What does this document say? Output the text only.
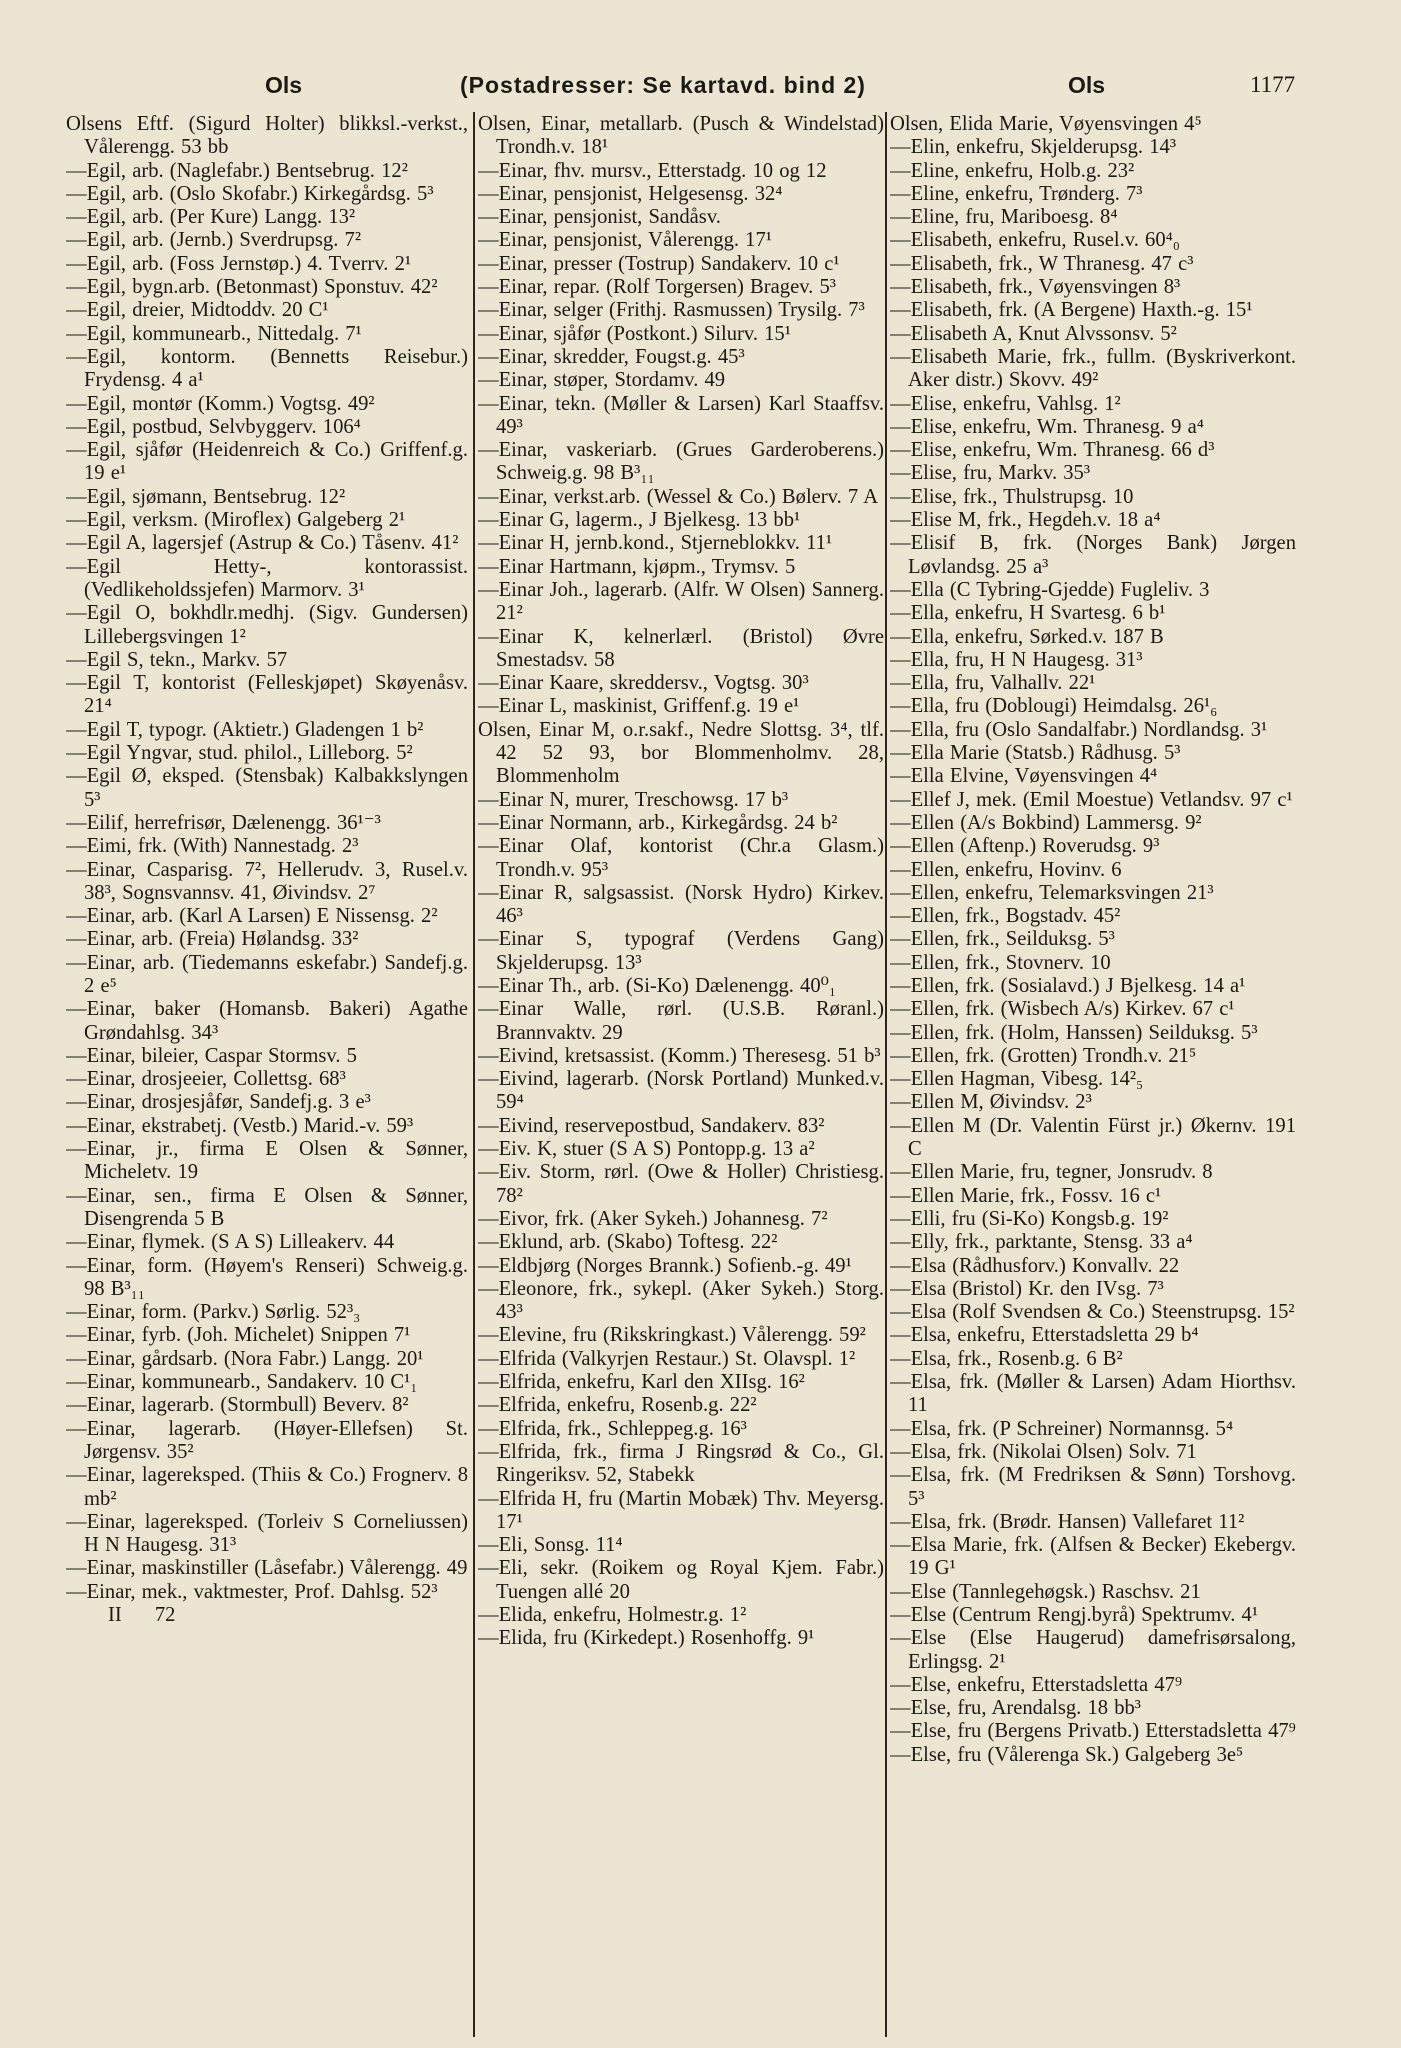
Ols	(Postadresser: Se kartavd. bind 2)	Ols	1177

Olsens Eftf. (Sigurd Holter) blikksl.-verkst., Vålerengg. 53 bb

—Egil, arb. (Naglefabr.) Bentsebrug. 12²

—Egil, arb. (Oslo Skofabr.) Kirkegårdsg. 5³

—Egil, arb. (Per Kure) Langg. 13²

—Egil, arb. (Jernb.) Sverdrupsg. 7²

—Egil, arb. (Foss Jernstøp.) 4. Tverrv. 2¹

—Egil, bygn.arb. (Betonmast) Sponstuv. 42²

—Egil, dreier, Midtoddv. 20 C¹

—Egil, kommunearb., Nittedalg. 7¹

—Egil, kontorm. (Bennetts Reisebur.) Frydensg. 4 a¹

—Egil, montør (Komm.) Vogtsg. 49²

—Egil, postbud, Selvbyggerv. 106⁴

—Egil, sjåfør (Heidenreich & Co.) Griffenf.g. 19 e¹

—Egil, sjømann, Bentsebrug. 12²

—Egil, verksm. (Miroflex) Galgeberg 2¹

—Egil A, lagersjef (Astrup & Co.) Tåsenv. 41²

—Egil Hetty-, kontorassist. (Vedlikeholdssjefen) Marmorv. 3¹

—Egil O, bokhdlr.medhj. (Sigv. Gundersen) Lillebergsvingen 1²

—Egil S, tekn., Markv. 57

—Egil T, kontorist (Felleskjøpet) Skøyenåsv. 21⁴

—Egil T, typogr. (Aktietr.) Gladengen 1 b²

—Egil Yngvar, stud. philol., Lilleborg. 5²

—Egil Ø, eksped. (Stensbak) Kalbakkslyngen 5³

—Eilif, herrefrisør, Dælenengg. 36¹⁻³

—Eimi, frk. (With) Nannestadg. 2³

—Einar, Casparisg. 7², Hellerudv. 3, Rusel.v. 38³, Sognsvannsv. 41, Øivindsv. 2⁷

—Einar, arb. (Karl A Larsen) E Nissensg. 2²

—Einar, arb. (Freia) Hølandsg. 33²

—Einar, arb. (Tiedemanns eskefabr.) Sandefj.g. 2 e⁵

—Einar, baker (Homansb. Bakeri) Agathe Grøndahlsg. 34³

—Einar, bileier, Caspar Stormsv. 5

—Einar, drosjeeier, Collettsg. 68³

—Einar, drosjesjåfør, Sandefj.g. 3 e³

—Einar, ekstrabetj. (Vestb.) Marid.-v. 59³

—Einar, jr., firma E Olsen & Sønner, Micheletv. 19

—Einar, sen., firma E Olsen & Sønner, Disengrenda 5 B

—Einar, flymek. (S A S) Lilleakerv. 44

—Einar, form. (Høyem's Renseri) Schweig.g. 98 B³₁₁

—Einar, form. (Parkv.) Sørlig. 52³₃

—Einar, fyrb. (Joh. Michelet) Snippen 7¹

—Einar, gårdsarb. (Nora Fabr.) Langg. 20¹

—Einar, kommunearb., Sandakerv. 10 C¹₁

—Einar, lagerarb. (Stormbull) Beverv. 8²

—Einar, lagerarb. (Høyer-Ellefsen) St. Jørgensv. 35²

—Einar, lagereksped. (Thiis & Co.) Frognerv. 8 mb²

—Einar, lagereksped. (Torleiv S Corneliussen) H N Haugesg. 31³

—Einar, maskinstiller (Låsefabr.) Vålerengg. 49

—Einar, mek., vaktmester, Prof. Dahlsg. 52³

II 72

Olsen, Einar, metallarb. (Pusch & Windelstad) Trondh.v. 18¹

—Einar, fhv. mursv., Etterstadg. 10 og 12

—Einar, pensjonist, Helgesensg. 32⁴

—Einar, pensjonist, Sandåsv.

—Einar, pensjonist, Vålerengg. 17¹

—Einar, presser (Tostrup) Sandakerv. 10 c¹

—Einar, repar. (Rolf Torgersen) Bragev. 5³

—Einar, selger (Frithj. Rasmussen) Trysilg. 7³

—Einar, sjåfør (Postkont.) Silurv. 15¹

—Einar, skredder, Fougst.g. 45³

—Einar, støper, Stordamv. 49

—Einar, tekn. (Møller & Larsen) Karl Staaffsv. 49³

—Einar, vaskeriarb. (Grues Garderoberens.) Schweig.g. 98 B³₁₁

—Einar, verkst.arb. (Wessel & Co.) Bølerv. 7 A

—Einar G, lagerm., J Bjelkesg. 13 bb¹

—Einar H, jernb.kond., Stjerneblokkv. 11¹

—Einar Hartmann, kjøpm., Trymsv. 5

—Einar Joh., lagerarb. (Alfr. W Olsen) Sannerg. 21²

—Einar K, kelnerlærl. (Bristol) Øvre Smestadsv. 58

—Einar Kaare, skreddersv., Vogtsg. 30³

—Einar L, maskinist, Griffenf.g. 19 e¹

Olsen, Einar M, o.r.sakf., Nedre Slottsg. 3⁴, tlf. 42 52 93, bor Blommenholmv. 28, Blommenholm

—Einar N, murer, Treschowsg. 17 b³

—Einar Normann, arb., Kirkegårdsg. 24 b²

—Einar Olaf, kontorist (Chr.a Glasm.) Trondh.v. 95³

—Einar R, salgsassist. (Norsk Hydro) Kirkev. 46³

—Einar S, typograf (Verdens Gang) Skjelderupsg. 13³

—Einar Th., arb. (Si-Ko) Dælenengg. 40⁰₁

—Einar Walle, rørl. (U.S.B. Røranl.) Brannvaktv. 29

—Eivind, kretsassist. (Komm.) Theresesg. 51 b³

—Eivind, lagerarb. (Norsk Portland) Munked.v. 59⁴

—Eivind, reservepostbud, Sandakerv. 83²

—Eiv. K, stuer (S A S) Pontopp.g. 13 a²

—Eiv. Storm, rørl. (Owe & Holler) Christiesg. 78²

—Eivor, frk. (Aker Sykeh.) Johannesg. 7²

—Eklund, arb. (Skabo) Toftesg. 22²

—Eldbjørg (Norges Brannk.) Sofienb.-g. 49¹

—Eleonore, frk., sykepl. (Aker Sykeh.) Storg. 43³

—Elevine, fru (Rikskringkast.) Vålerengg. 59²

—Elfrida (Valkyrjen Restaur.) St. Olavspl. 1²

—Elfrida, enkefru, Karl den XIIsg. 16²

—Elfrida, enkefru, Rosenb.g. 22²

—Elfrida, frk., Schleppeg.g. 16³

—Elfrida, frk., firma J Ringsrød & Co., Gl. Ringeriksv. 52, Stabekk

—Elfrida H, fru (Martin Mobæk) Thv. Meyersg. 17¹

—Eli, Sonsg. 11⁴

—Eli, sekr. (Roikem og Royal Kjem. Fabr.) Tuengen allé 20

—Elida, enkefru, Holmestr.g. 1²

—Elida, fru (Kirkedept.) Rosenhoffg. 9¹

Olsen, Elida Marie, Vøyensvingen 4⁵

—Elin, enkefru, Skjelderupsg. 14³

—Eline, enkefru, Holb.g. 23²

—Eline, enkefru, Trønderg. 7³

—Eline, fru, Mariboesg. 8⁴

—Elisabeth, enkefru, Rusel.v. 60⁴₀

—Elisabeth, frk., W Thranesg. 47 c³

—Elisabeth, frk., Vøyensvingen 8³

—Elisabeth, frk. (A Bergene) Haxth.-g. 15¹

—Elisabeth A, Knut Alvssonsv. 5²

—Elisabeth Marie, frk., fullm. (Byskriverkont. Aker distr.) Skovv. 49²

—Elise, enkefru, Vahlsg. 1²

—Elise, enkefru, Wm. Thranesg. 9 a⁴

—Elise, enkefru, Wm. Thranesg. 66 d³

—Elise, fru, Markv. 35³

—Elise, frk., Thulstrupsg. 10

—Elise M, frk., Hegdeh.v. 18 a⁴

—Elisif B, frk. (Norges Bank) Jørgen Løvlandsg. 25 a³

—Ella (C Tybring-Gjedde) Fugleliv. 3

—Ella, enkefru, H Svartesg. 6 b¹

—Ella, enkefru, Sørked.v. 187 B

—Ella, fru, H N Haugesg. 31³

—Ella, fru, Valhallv. 22¹

—Ella, fru (Doblougi) Heimdalsg. 26¹₆

—Ella, fru (Oslo Sandalfabr.) Nordlandsg. 3¹

—Ella Marie (Statsb.) Rådhusg. 5³

—Ella Elvine, Vøyensvingen 4⁴

—Ellef J, mek. (Emil Moestue) Vetlandsv. 97 c¹

—Ellen (A/s Bokbind) Lammersg. 9²

—Ellen (Aftenp.) Roverudsg. 9³

—Ellen, enkefru, Hovinv. 6

—Ellen, enkefru, Telemarksvingen 21³

—Ellen, frk., Bogstadv. 45²

—Ellen, frk., Seilduksg. 5³

—Ellen, frk., Stovnerv. 10

—Ellen, frk. (Sosialavd.) J Bjelkesg. 14 a¹

—Ellen, frk. (Wisbech A/s) Kirkev. 67 c¹

—Ellen, frk. (Holm, Hanssen) Seilduksg. 5³

—Ellen, frk. (Grotten) Trondh.v. 21⁵

—Ellen Hagman, Vibesg. 14²₅

—Ellen M, Øivindsv. 2³

—Ellen M (Dr. Valentin Fürst jr.) Økernv. 191 C

—Ellen Marie, fru, tegner, Jonsrudv. 8

—Ellen Marie, frk., Fossv. 16 c¹

—Elli, fru (Si-Ko) Kongsb.g. 19²

—Elly, frk., parktante, Stensg. 33 a⁴

—Elsa (Rådhusforv.) Konvallv. 22

—Elsa (Bristol) Kr. den IVsg. 7³

—Elsa (Rolf Svendsen & Co.) Steenstrupsg. 15²

—Elsa, enkefru, Etterstadsletta 29 b⁴

—Elsa, frk., Rosenb.g. 6 B²

—Elsa, frk. (Møller & Larsen) Adam Hiorthsv. 11

—Elsa, frk. (P Schreiner) Normannsg. 5⁴

—Elsa, frk. (Nikolai Olsen) Solv. 71

—Elsa, frk. (M Fredriksen & Sønn) Torshovg. 5³

—Elsa, frk. (Brødr. Hansen) Vallefaret 11²

—Elsa Marie, frk. (Alfsen & Becker) Ekebergv. 19 G¹

—Else (Tannlegehøgsk.) Raschsv. 21

—Else (Centrum Rengj.byrå) Spektrumv. 4¹

—Else (Else Haugerud) damefrisørsalong, Erlingsg. 2¹

—Else, enkefru, Etterstadsletta 47⁹

—Else, fru, Arendalsg. 18 bb³

—Else, fru (Bergens Privatb.) Etterstadsletta 47⁹

—Else, fru (Vålerenga Sk.) Galgeberg 3e⁵
